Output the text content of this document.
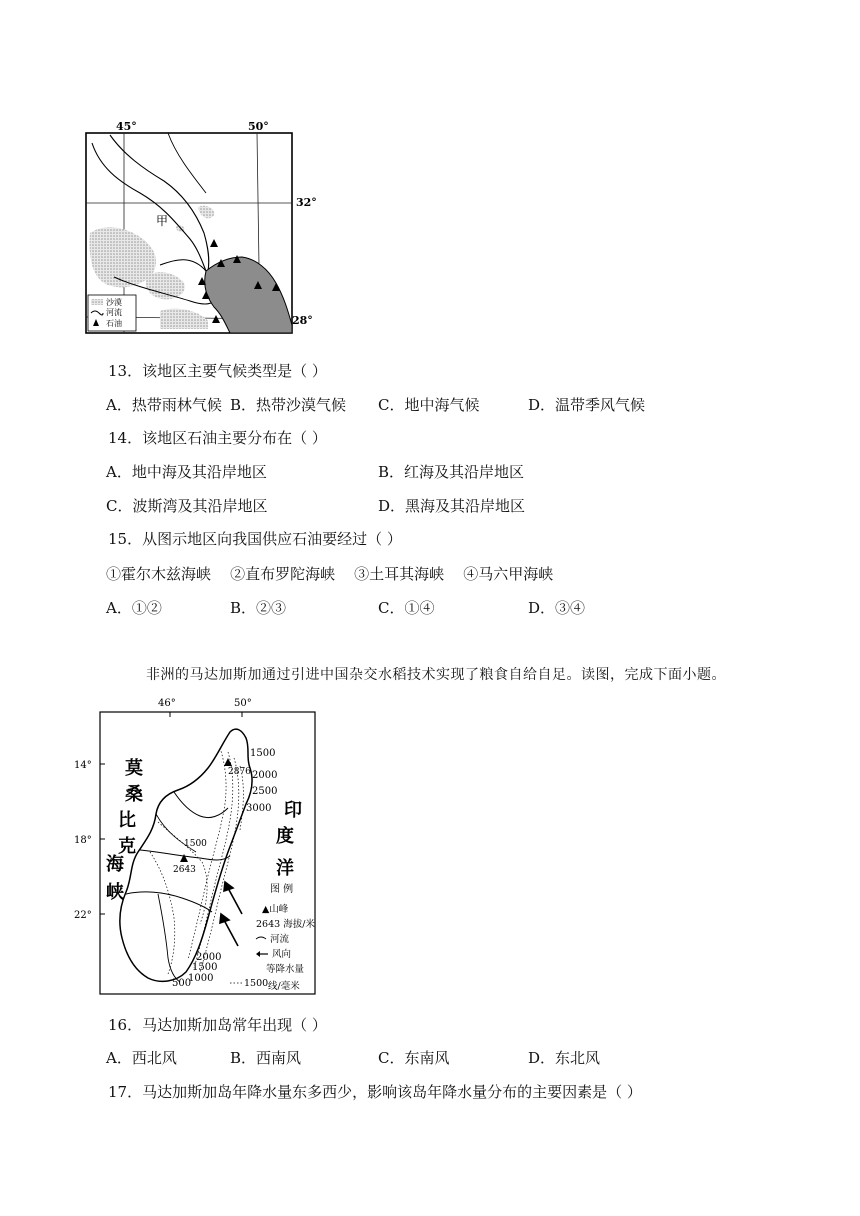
45°	50°
32°
28°
甲
沙漠
河流
石油
13．该地区主要气候类型是（ ）
A．热带雨林气候 B．热带沙漠气候 C．地中海气候	D．温带季风气候
14．该地区石油主要分布在（ ）
A．地中海及其沿岸地区	B．红海及其沿岸地区
C．波斯湾及其沿岸地区	D．黑海及其沿岸地区
15．从图示地区向我国供应石油要经过（ ）
①霍尔木兹海峡    ②直布罗陀海峡    ③土耳其海峡    ④马六甲海峡
A．①②	B．②③	C．①④	D．③④
非洲的马达加斯加通过引进中国杂交水稻技术实现了粮食自给自足。读图，完成下面小题。
46°	50°
14°
18°
22°
2876
2643
1500
1500
2000
2500
3000
2000
1500
1000
500
莫
桑
比
克
海
峡
印
度
洋
图 例
▲山峰
2643 海拔/米
河流
风向
等降水量
1500 线/毫米
16．马达加斯加岛常年出现（ ）
A．西北风	B．西南风	C．东南风	D．东北风
17．马达加斯加岛年降水量东多西少，影响该岛年降水量分布的主要因素是（ ）
